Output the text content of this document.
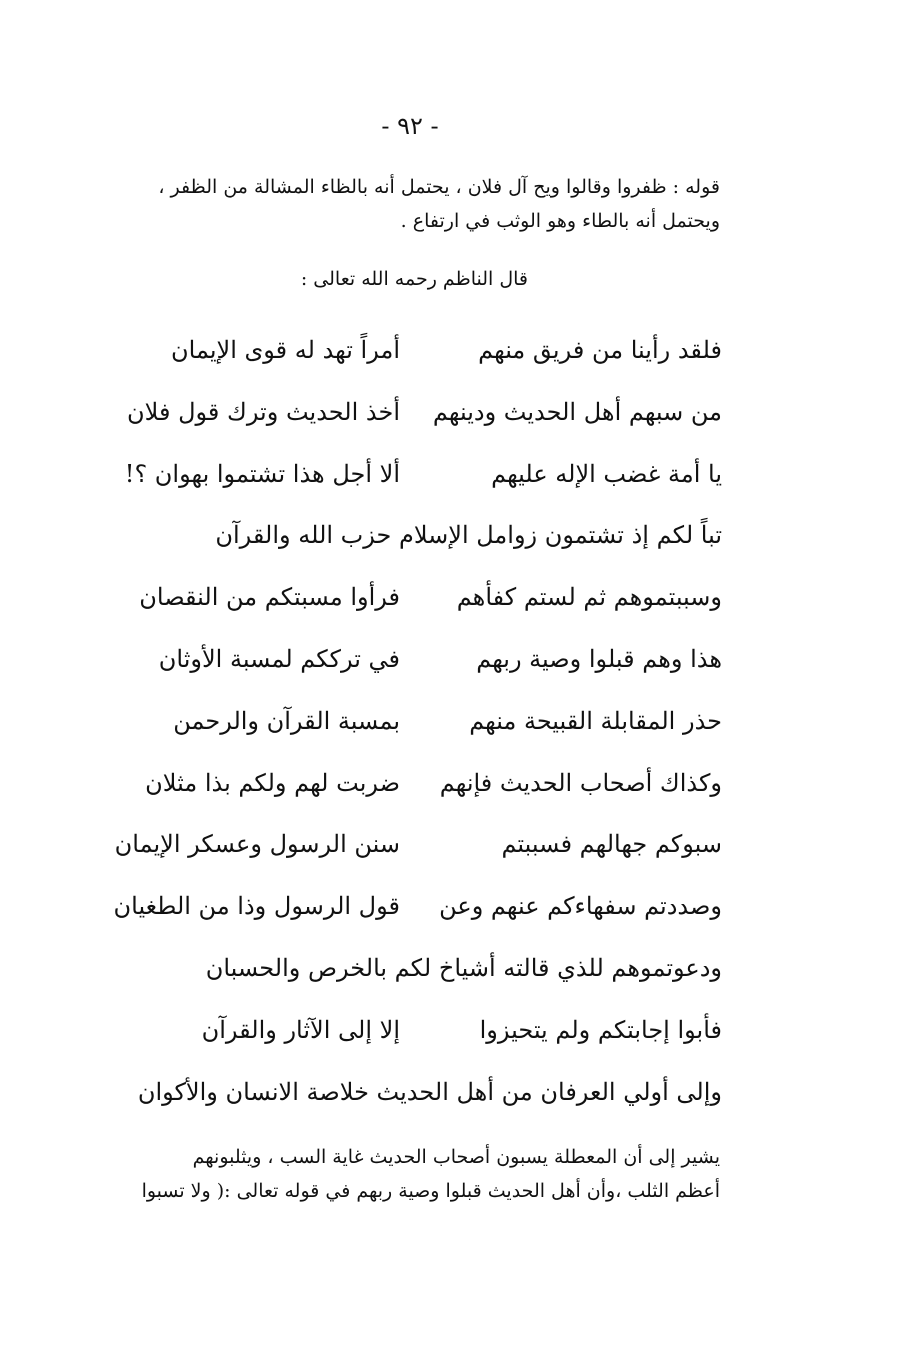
- ٩٢ -

قوله : ظفروا وقالوا ويح آل فلان ، يحتمل أنه بالظاء المشالة من الظفر ،

ويحتمل أنه بالطاء وهو الوثب في ارتفاع .

قال الناظم رحمه الله تعالى :
فلقد رأينا من فريق منهم
أمراً تهد له قوى الإيمان
من سبهم أهل الحديث ودينهم
أخذ الحديث وترك قول فلان
يا أمة غضب الإله عليهم
ألا أجل هذا تشتموا بهوان ؟!
تباً لكم إذ تشتمون زوامل الإسلام حزب الله والقرآن
وسببتموهم ثم لستم كفأهم
فرأوا مسبتكم من النقصان
هذا وهم قبلوا وصية ربهم
في ترككم لمسبة الأوثان
حذر المقابلة القبيحة منهم
بمسبة القرآن والرحمن
وكذاك أصحاب الحديث فإنهم
ضربت لهم ولكم بذا مثلان
سبوكم جهالهم فسببتم
سنن الرسول وعسكر الإيمان
وصددتم سفهاءكم عنهم وعن
قول الرسول وذا من الطغيان
ودعوتموهم للذي قالته أشياخ لكم بالخرص والحسبان
فأبوا إجابتكم ولم يتحيزوا
إلا إلى الآثار والقرآن
وإلى أولي العرفان من أهل الحديث خلاصة الانسان والأكوان

يشير إلى أن المعطلة يسبون أصحاب الحديث غاية السب ، ويثلبونهم

أعظم الثلب ،وأن أهل الحديث قبلوا وصية ربهم في قوله تعالى :( ولا تسبوا
